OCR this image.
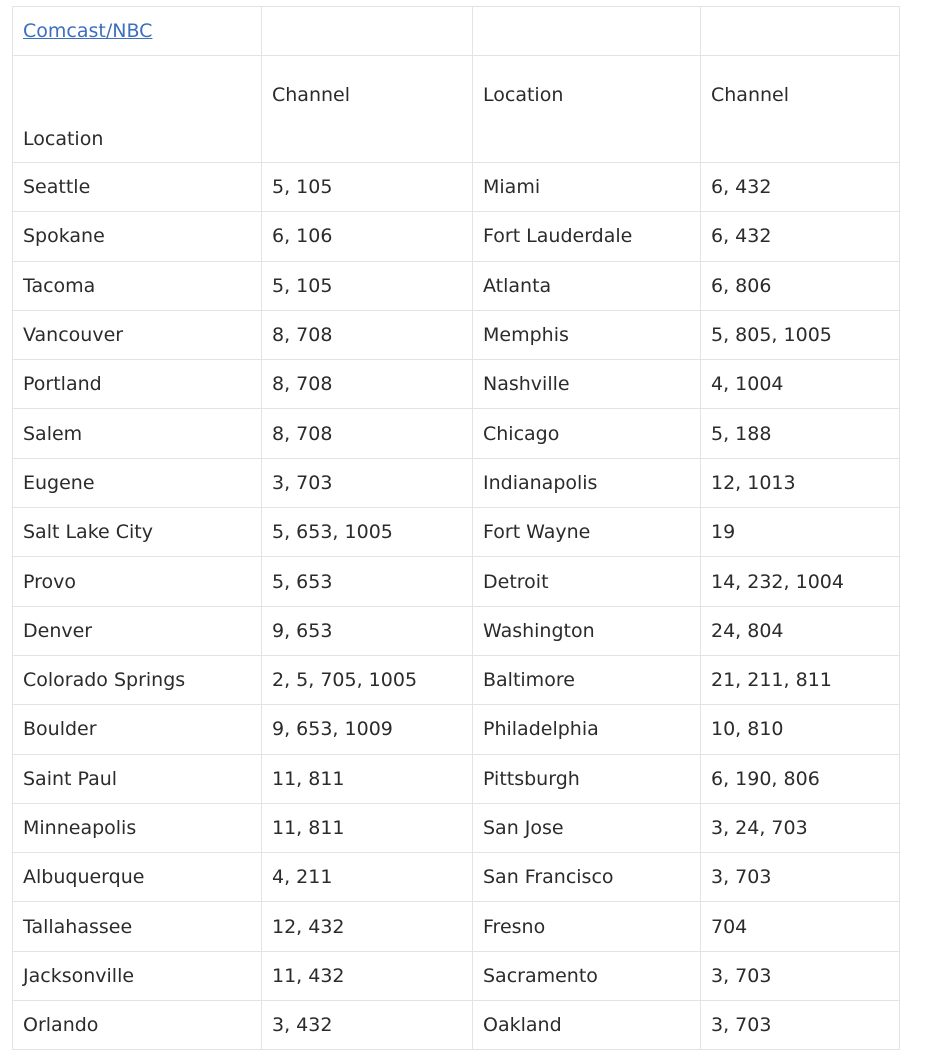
Comcast/NBC			
Location	Channel	Location	Channel
Seattle	5, 105	Miami	6, 432
Spokane	6, 106	Fort Lauderdale	6, 432
Tacoma	5, 105	Atlanta	6, 806
Vancouver	8, 708	Memphis	5, 805, 1005
Portland	8, 708	Nashville	4, 1004
Salem	8, 708	Chicago	5, 188
Eugene	3, 703	Indianapolis	12, 1013
Salt Lake City	5, 653, 1005	Fort Wayne	19
Provo	5, 653	Detroit	14, 232, 1004
Denver	9, 653	Washington	24, 804
Colorado Springs	2, 5, 705, 1005	Baltimore	21, 211, 811
Boulder	9, 653, 1009	Philadelphia	10, 810
Saint Paul	11, 811	Pittsburgh	6, 190, 806
Minneapolis	11, 811	San Jose	3, 24, 703
Albuquerque	4, 211	San Francisco	3, 703
Tallahassee	12, 432	Fresno	704
Jacksonville	11, 432	Sacramento	3, 703
Orlando	3, 432	Oakland	3, 703
